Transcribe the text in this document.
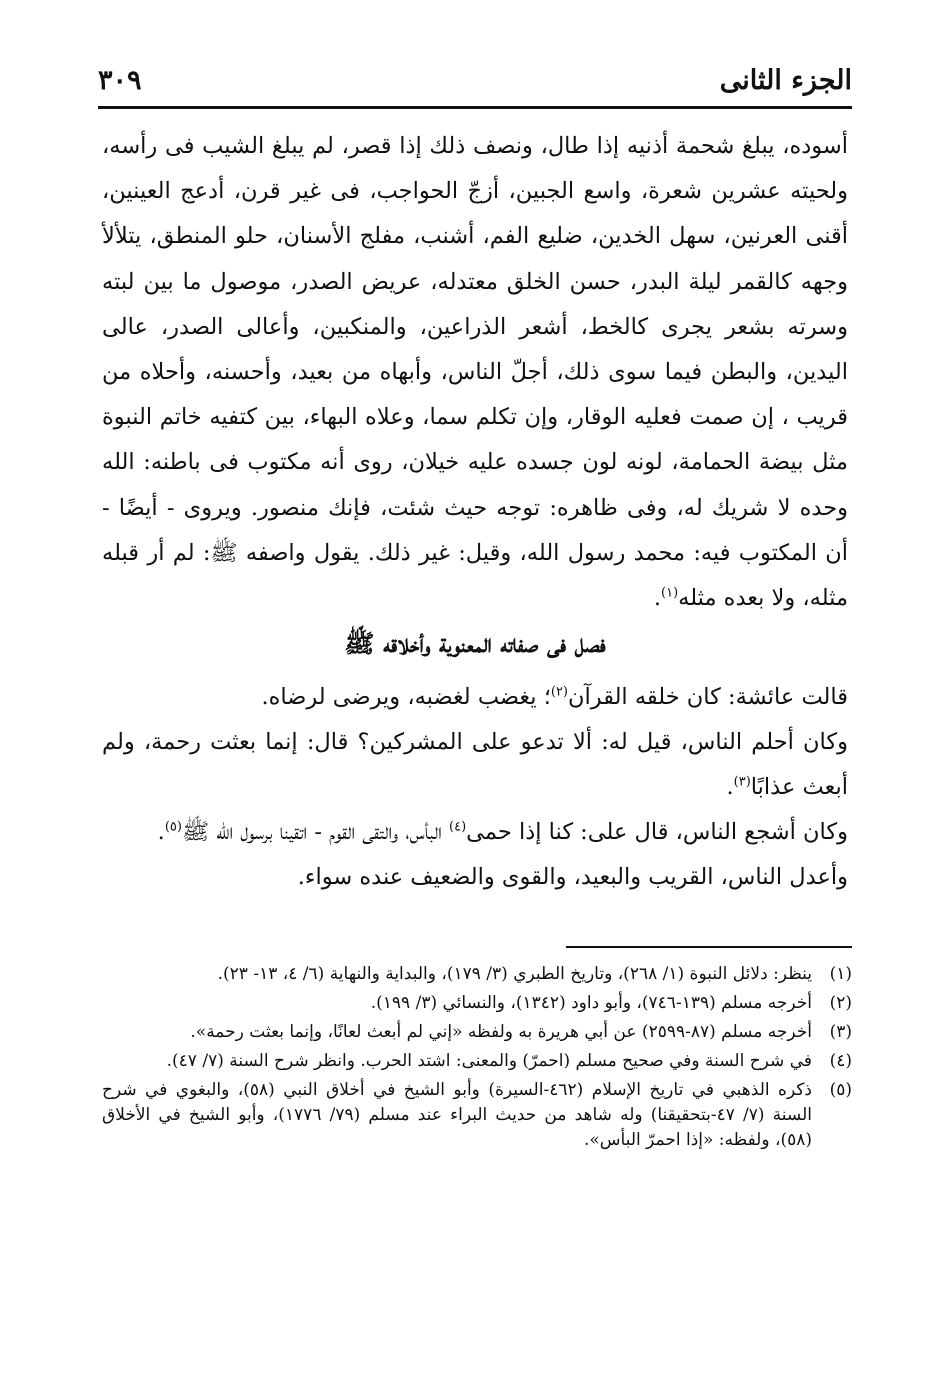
الجزء الثانى
٣٠٩
أسوده، يبلغ شحمة أذنيه إذا طال، ونصف ذلك إذا قصر، لم يبلغ الشيب فى رأسه، ولحيته عشرين شعرة، واسع الجبين، أزجّ الحواجب، فى غير قرن، أدعج العينين، أقنى العرنين، سهل الخدين، ضليع الفم، أشنب، مفلج الأسنان، حلو المنطق، يتلألأ وجهه كالقمر ليلة البدر، حسن الخلق معتدله، عريض الصدر، موصول ما بين لبته وسرته بشعر يجرى كالخط، أشعر الذراعين، والمنكبين، وأعالى الصدر، عالى اليدين، والبطن فيما سوى ذلك، أجلّ الناس، وأبهاه من بعيد، وأحسنه، وأحلاه من قريب ، إن صمت فعليه الوقار، وإن تكلم سما، وعلاه البهاء، بين كتفيه خاتم النبوة مثل بيضة الحمامة، لونه لون جسده عليه خيلان، روى أنه مكتوب فى باطنه: الله وحده لا شريك له، وفى ظاهره: توجه حيث شئت، فإنك منصور. ويروى - أيضًا - أن المكتوب فيه: محمد رسول الله، وقيل: غير ذلك. يقول واصفه ﷺ: لم أر قبله مثله، ولا بعده مثله$^{(١)}$.
فصل فى صفاته المعنوية وأخلاقه ﷺ

قالت عائشة: كان خلقه القرآن$^{(٢)}$؛ يغضب لغضبه، ويرضى لرضاه.

وكان أحلم الناس، قيل له: ألا تدعو على المشركين؟ قال: إنما بعثت رحمة، ولم أبعث عذابًا$^{(٣)}$.

وكان أشجع الناس، قال على: كنا إذا حمى$^{(٤)}$ البأس، والتقى القوم - اتقينا برسول الله ﷺ$^{(٥)}$.

وأعدل الناس، القريب والبعيد، والقوى والضعيف عنده سواء.

(١)
ينظر: دلائل النبوة (١/ ٢٦٨)، وتاريخ الطبري (٣/ ١٧٩)، والبداية والنهاية (٦/ ٤، ١٣- ٢٣).
(٢)
أخرجه مسلم (١٣٩-٧٤٦)، وأبو داود (١٣٤٢)، والنسائي (٣/ ١٩٩).
(٣)
أخرجه مسلم (٨٧-٢٥٩٩) عن أبي هريرة به ولفظه «إني لم أبعث لعانًا، وإنما بعثت رحمة».
(٤)
في شرح السنة وفي صحيح مسلم (احمرّ) والمعنى: اشتد الحرب. وانظر شرح السنة (٧/ ٤٧).
(٥)
ذكره الذهبي في تاريخ الإسلام (٤٦٢-السيرة) وأبو الشيخ في أخلاق النبي (٥٨)، والبغوي في شرح السنة (٧/ ٤٧-بتحقيقنا) وله شاهد من حديث البراء عند مسلم (٧٩/ ١٧٧٦)، وأبو الشيخ في الأخلاق (٥٨)، ولفظه: «إذا احمرّ البأس».
